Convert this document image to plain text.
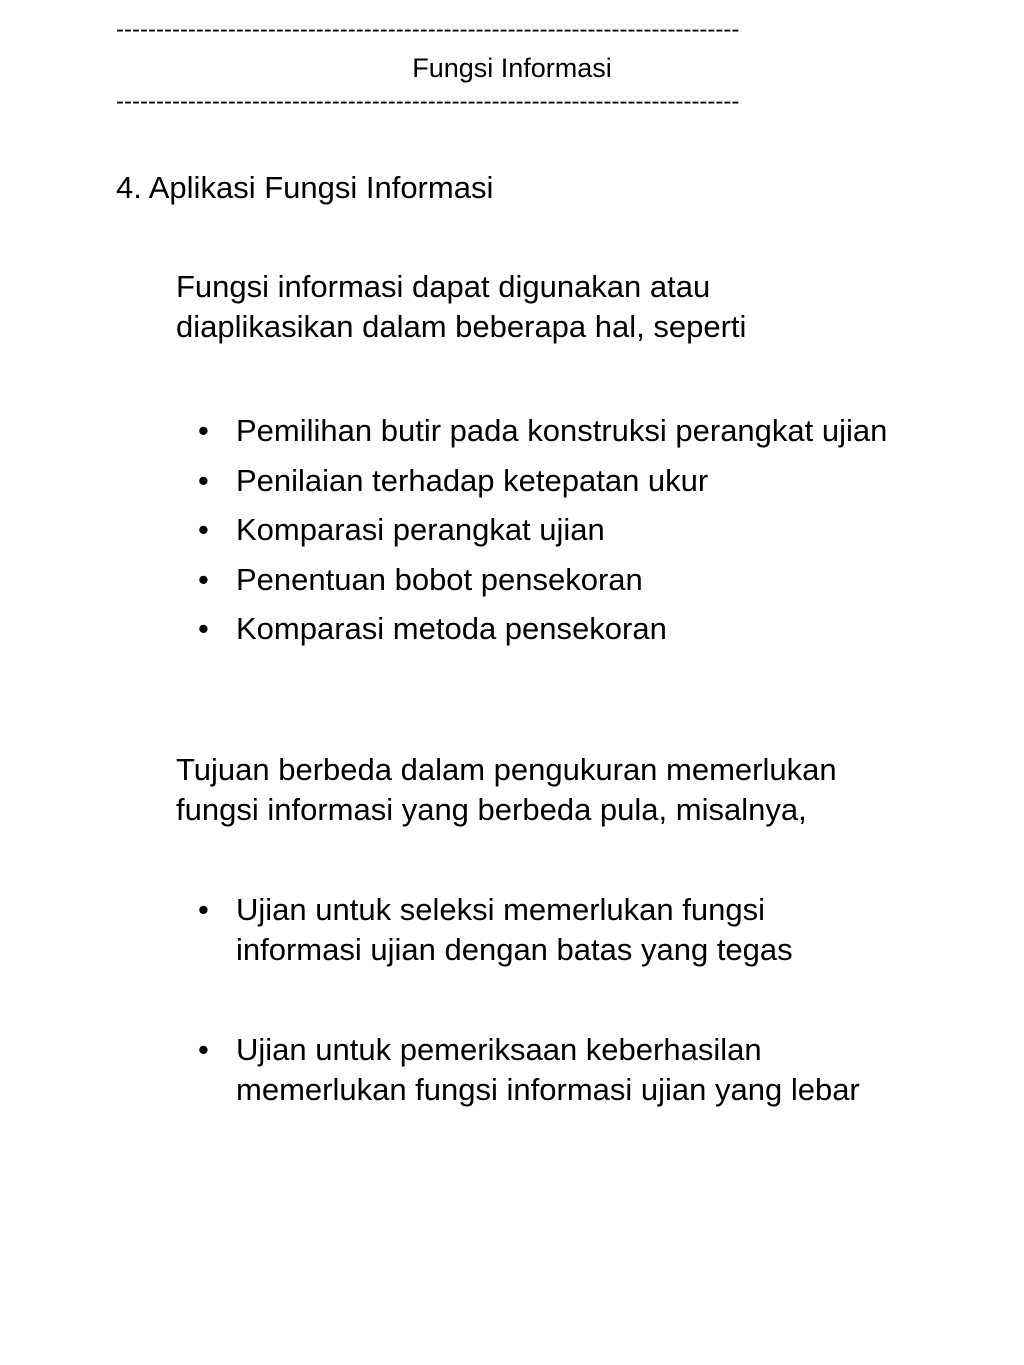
------------------------------------------------------------------------------
Fungsi Informasi
------------------------------------------------------------------------------
4. Aplikasi Fungsi Informasi
Fungsi informasi dapat digunakan atau
diaplikasikan dalam beberapa hal, seperti
• Pemilihan butir pada konstruksi perangkat ujian
• Penilaian terhadap ketepatan ukur
• Komparasi perangkat ujian
• Penentuan bobot pensekoran
• Komparasi metoda pensekoran
Tujuan berbeda dalam pengukuran memerlukan
fungsi informasi yang berbeda pula, misalnya,
• Ujian untuk seleksi memerlukan fungsi
informasi ujian dengan batas yang tegas
• Ujian untuk pemeriksaan keberhasilan
memerlukan fungsi informasi ujian yang lebar
